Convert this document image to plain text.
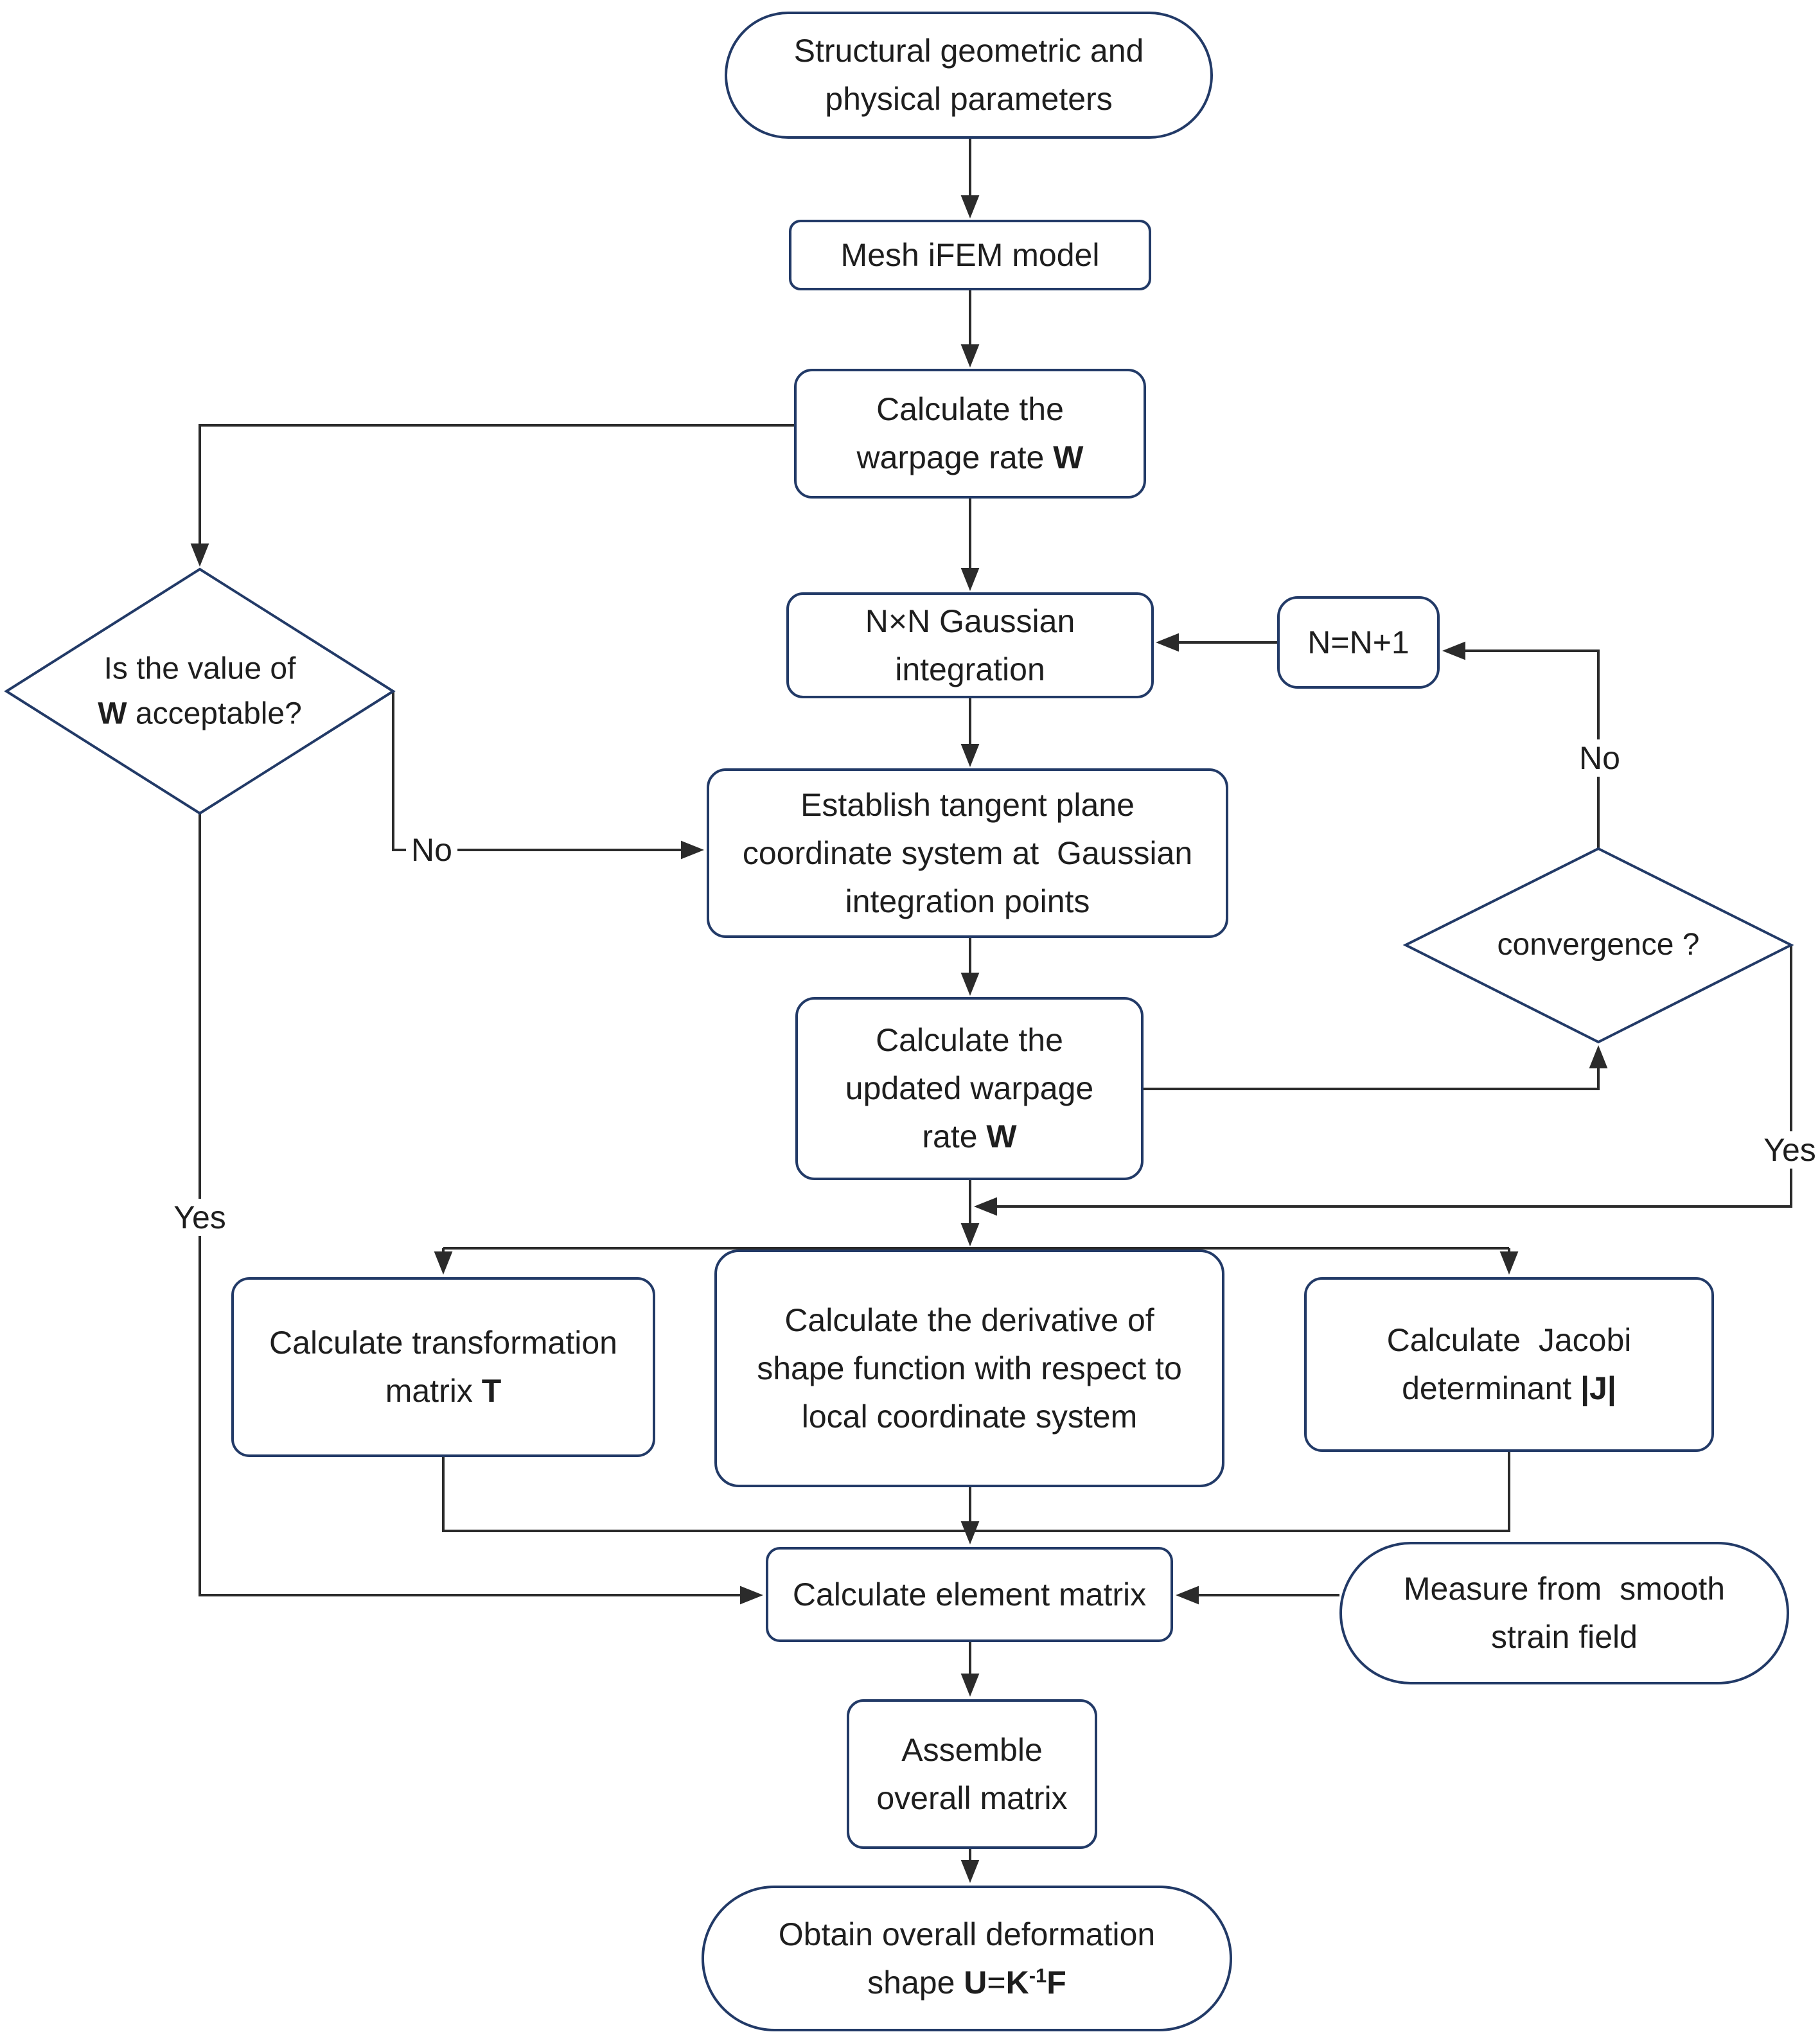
Structural geometric and
physical parameters
Mesh iFEM model
Calculate the
warpage rate W
N×N Gaussian
integration
N=N+1
Establish tangent plane
coordinate system at  Gaussian
integration points
Calculate the
updated warpage
rate W
Calculate transformation
matrix T
Calculate the derivative of
shape function with respect to
local coordinate system
Calculate  Jacobi
determinant |J|
Calculate element matrix	Measure from  smooth
strain field
Assemble
overall matrix
Obtain overall deformation
shape $U=K^{-1}F$
Is the value of
W acceptable?
convergence ?
No
Yes
No
Yes
